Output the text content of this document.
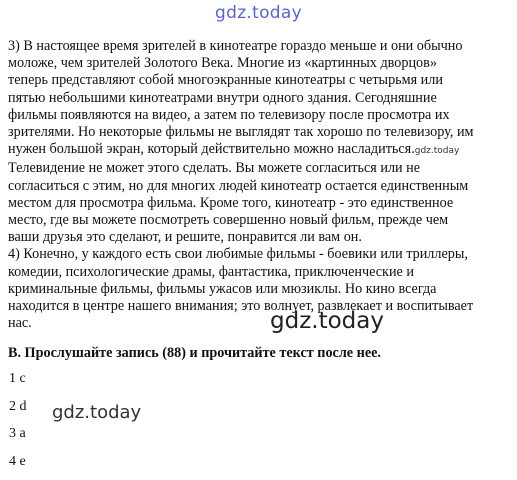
gdz.today

3) В настоящее время зрителей в кинотеатре гораздо меньше и они обычно
моложе, чем зрителей Золотого Века. Многие из «картинных дворцов»
теперь представляют собой многоэкранные кинотеатры с четырьмя или
пятью небольшими кинотеатрами внутри одного здания. Сегодняшние
фильмы появляются на видео, а затем по телевизору после просмотра их
зрителями. Но некоторые фильмы не выглядят так хорошо по телевизору, им
нужен большой экран, который действительно можно насладиться.gdz.today
Телевидение не может этого сделать. Вы можете согласиться или не
согласиться с этим, но для многих людей кинотеатр остается единственным
местом для просмотра фильма. Кроме того, кинотеатр - это единственное
место, где вы можете посмотреть совершенно новый фильм, прежде чем
ваши друзья это сделают, и решите, понравится ли вам он.

4) Конечно, у каждого есть свои любимые фильмы - боевики или триллеры,
комедии, психологические драмы, фантастика, приключенческие и
криминальные фильмы, фильмы ужасов или мюзиклы. Но кино всегда
находится в центре нашего внимания; это волнует, развлекает и воспитывает
нас.	gdz.today

B. Прослушайте запись (88) и прочитайте текст после нее.

1 c
2 d
3 a
4 e
gdz.today
